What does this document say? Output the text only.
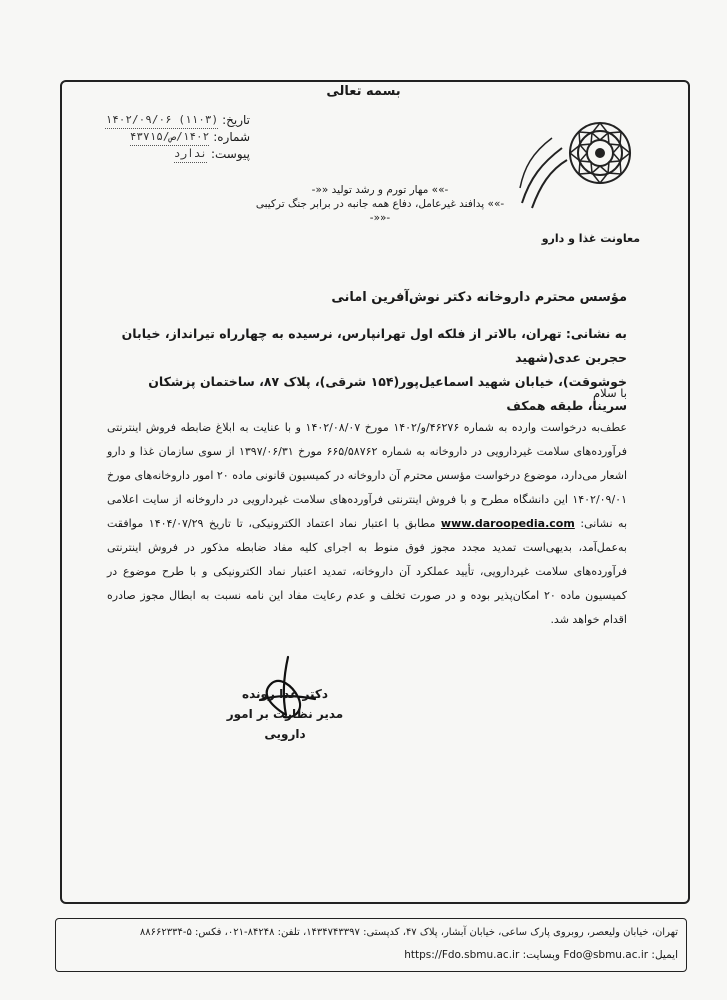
بسمه تعالی
تاریخ:
(۱۱۰۳) ۱۴۰۲/۰۹/۰۶
شماره:
۱۴۰۲/ص/۴۳۷۱۵
پیوست:
ندارد
معاونت غذا و دارو
-»» مهار تورم و رشد تولید ««-
-»» پدافند غیرعامل، دفاع همه جانبه در برابر جنگ ترکیبی
-««-
مؤسس محترم داروخانه دکتر نوش‌آفرین امانی
به نشانی: تهران، بالاتر از فلکه اول تهرانپارس، نرسیده به چهارراه تیرانداز، خیابان حجربن عدی(شهید
خوشوقت)، خیابان شهید اسماعیل‌پور(۱۵۴ شرقی)، پلاک ۸۷، ساختمان پزشکان سرینا، طبقه همکف
با سلام
عطف‌به درخواست وارده به شماره ۴۶۲۷۶/و/۱۴۰۲ مورخ ۱۴۰۲/۰۸/۰۷ و با عنایت به ابلاغ ضابطه فروش اینترنتی فرآورده‌های سلامت غیردارویی در داروخانه به شماره ۶۶۵/۵۸۷۶۲ مورخ ۱۳۹۷/۰۶/۳۱ از سوی سازمان غذا و دارو اشعار می‌دارد، موضوع درخواست مؤسس محترم آن داروخانه در کمیسیون قانونی ماده ۲۰ امور داروخانه‌های مورخ ۱۴۰۲/۰۹/۰۱ این دانشگاه مطرح و با فروش اینترنتی فرآورده‌های سلامت غیردارویی در داروخانه از سایت اعلامی به نشانی: www.daroopedia.com مطابق با اعتبار نماد اعتماد الکترونیکی، تا تاریخ ۱۴۰۴/۰۷/۲۹ موافقت به‌عمل‌آمد، بدیهی‌است تمدید مجدد مجوز فوق منوط به اجرای کلیه مفاد ضابطه مذکور در فروش اینترنتی فرآورده‌های سلامت غیردارویی، تأیید عملکرد آن داروخانه، تمدید اعتبار نماد الکترونیکی و با طرح موضوع در کمیسیون ماده ۲۰ امکان‌پذیر بوده و در صورت تخلف و عدم رعایت مفاد این نامه نسبت به ابطال مجوز صادره اقدام خواهد شد.
دکتر غدا رونده
مدیر نظارت بر امور دارویی
تهران، خیابان ولیعصر، روبروی پارک ساعی، خیابان آبشار، پلاک ۴۷، کدپستی: ۱۴۳۴۷۴۳۳۹۷، تلفن: ۸۴۲۴۸-۰۲۱، فکس: ۵-۸۸۶۶۲۳۳۴
ایمیل: Fdo@sbmu.ac.ir وبسایت: https://Fdo.sbmu.ac.ir
